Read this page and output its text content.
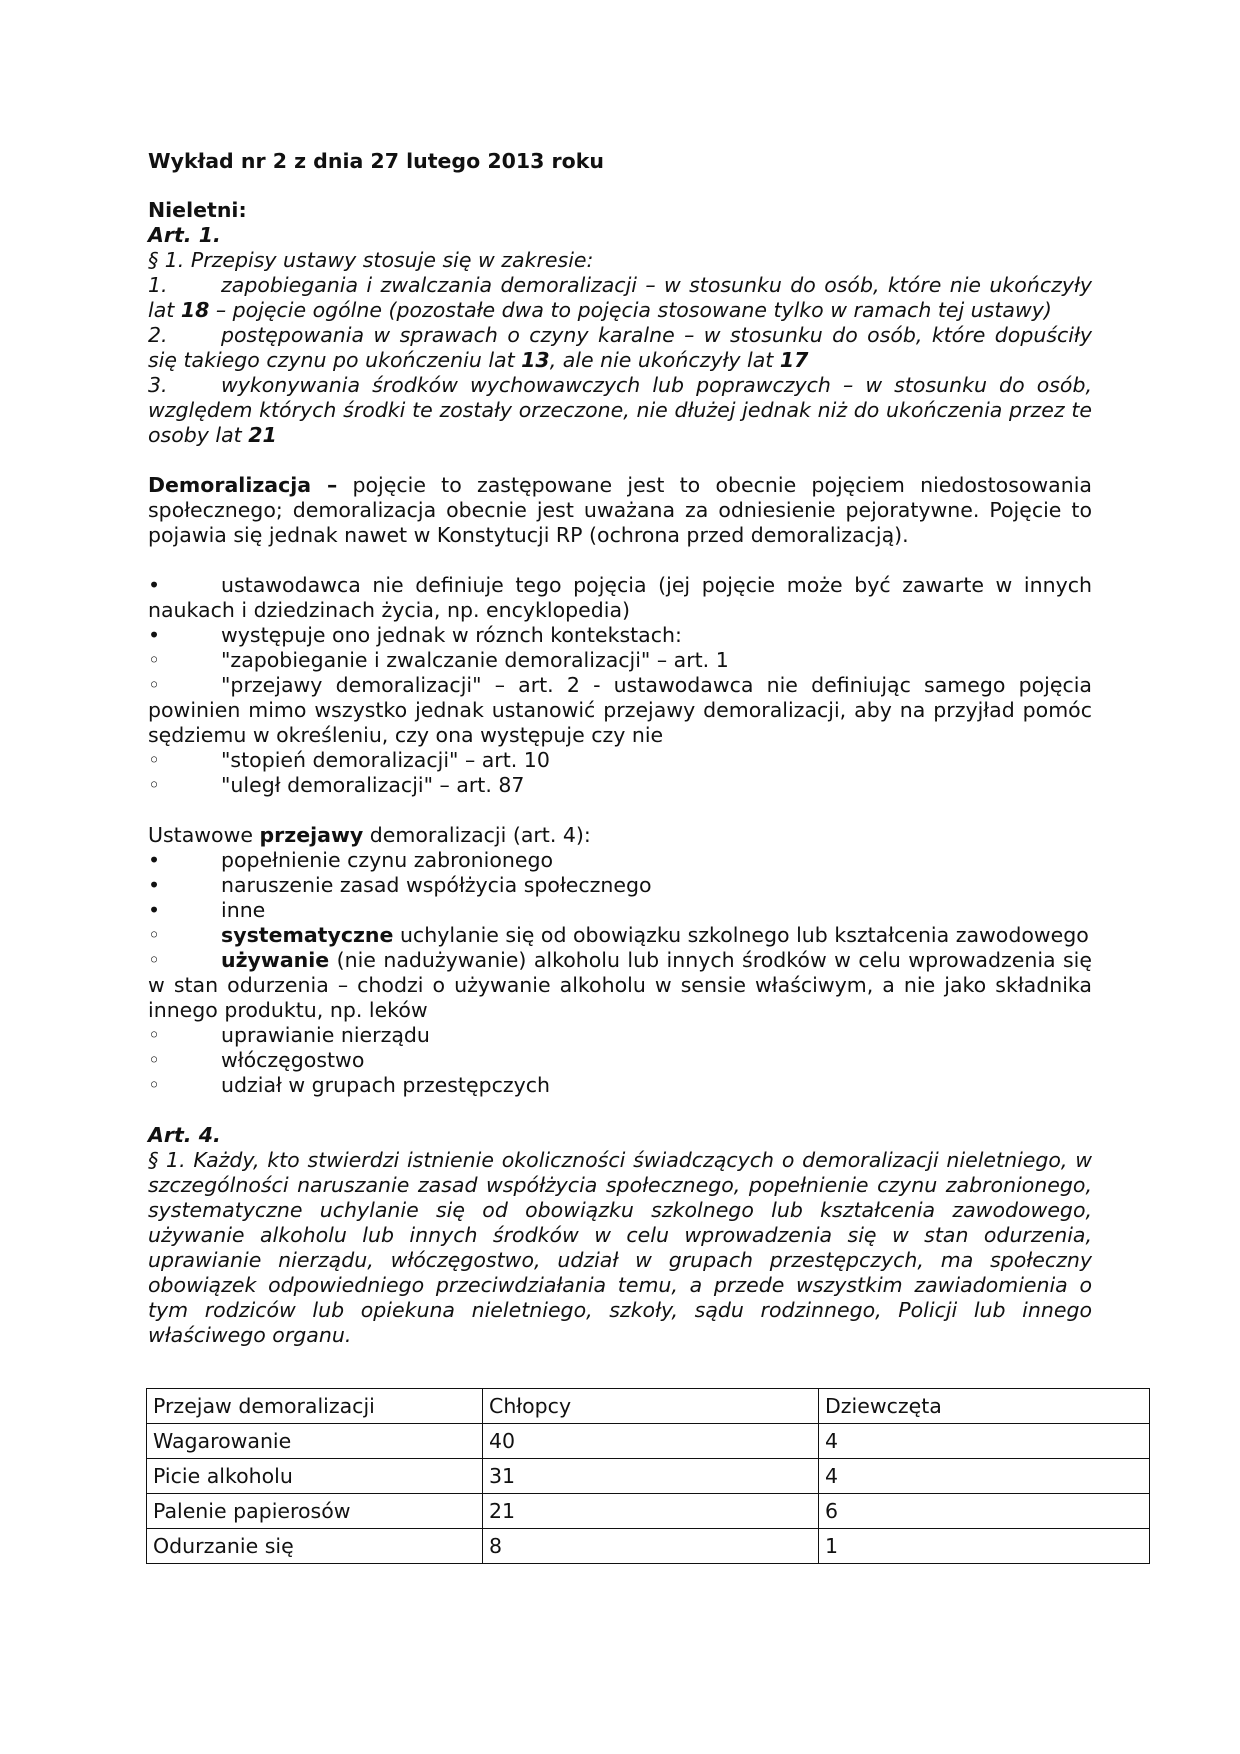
Wykład nr 2 z dnia 27 lutego 2013 roku
Nieletni:
Art. 1.
§ 1. Przepisy ustawy stosuje się w zakresie:
1.	zapobiegania i zwalczania demoralizacji – w stosunku do osób, które nie ukończyły lat 18 – pojęcie ogólne (pozostałe dwa to pojęcia stosowane tylko w ramach tej ustawy)
2.	postępowania w sprawach o czyny karalne – w stosunku do osób, które dopuściły się takiego czynu po ukończeniu lat 13, ale nie ukończyły lat 17
3.	wykonywania środków wychowawczych lub poprawczych – w stosunku do osób, względem których środki te zostały orzeczone, nie dłużej jednak niż do ukończenia przez te osoby lat 21
Demoralizacja – pojęcie to zastępowane jest to obecnie pojęciem niedostosowania społecznego; demoralizacja obecnie jest uważana za odniesienie pejoratywne. Pojęcie to pojawia się jednak nawet w Konstytucji RP (ochrona przed demoralizacją).
•	ustawodawca nie definiuje tego pojęcia (jej pojęcie może być zawarte w innych naukach i dziedzinach życia, np. encyklopedia)
•	występuje ono jednak w róznch kontekstach:
◦	"zapobieganie i zwalczanie demoralizacji" – art. 1
◦	"przejawy demoralizacji" – art. 2 - ustawodawca nie definiując samego pojęcia powinien mimo wszystko jednak ustanowić przejawy demoralizacji, aby na przyjład pomóc sędziemu w określeniu, czy ona występuje czy nie
◦	"stopień demoralizacji" – art. 10
◦	"uległ demoralizacji" – art. 87
Ustawowe przejawy demoralizacji (art. 4):
•	popełnienie czynu zabronionego
•	naruszenie zasad współżycia społecznego
•	inne
◦	systematyczne uchylanie się od obowiązku szkolnego lub kształcenia zawodowego
◦	używanie (nie nadużywanie) alkoholu lub innych środków w celu wprowadzenia się w stan odurzenia – chodzi o używanie alkoholu w sensie właściwym, a nie jako składnika innego produktu, np. leków
◦	uprawianie nierządu
◦	włóczęgostwo
◦	udział w grupach przestępczych
Art. 4.
§ 1. Każdy, kto stwierdzi istnienie okoliczności świadczących o demoralizacji nieletniego, w szczególności naruszanie zasad współżycia społecznego, popełnienie czynu zabronionego, systematyczne uchylanie się od obowiązku szkolnego lub kształcenia zawodowego, używanie alkoholu lub innych środków w celu wprowadzenia się w stan odurzenia, uprawianie nierządu, włóczęgostwo, udział w grupach przestępczych, ma społeczny obowiązek odpowiedniego przeciwdziałania temu, a przede wszystkim zawiadomienia o tym rodziców lub opiekuna nieletniego, szkoły, sądu rodzinnego, Policji lub innego właściwego organu.
Przejaw demoralizacji	Chłopcy	Dziewczęta
Wagarowanie	40	4
Picie alkoholu	31	4
Palenie papierosów	21	6
Odurzanie się	8	1
